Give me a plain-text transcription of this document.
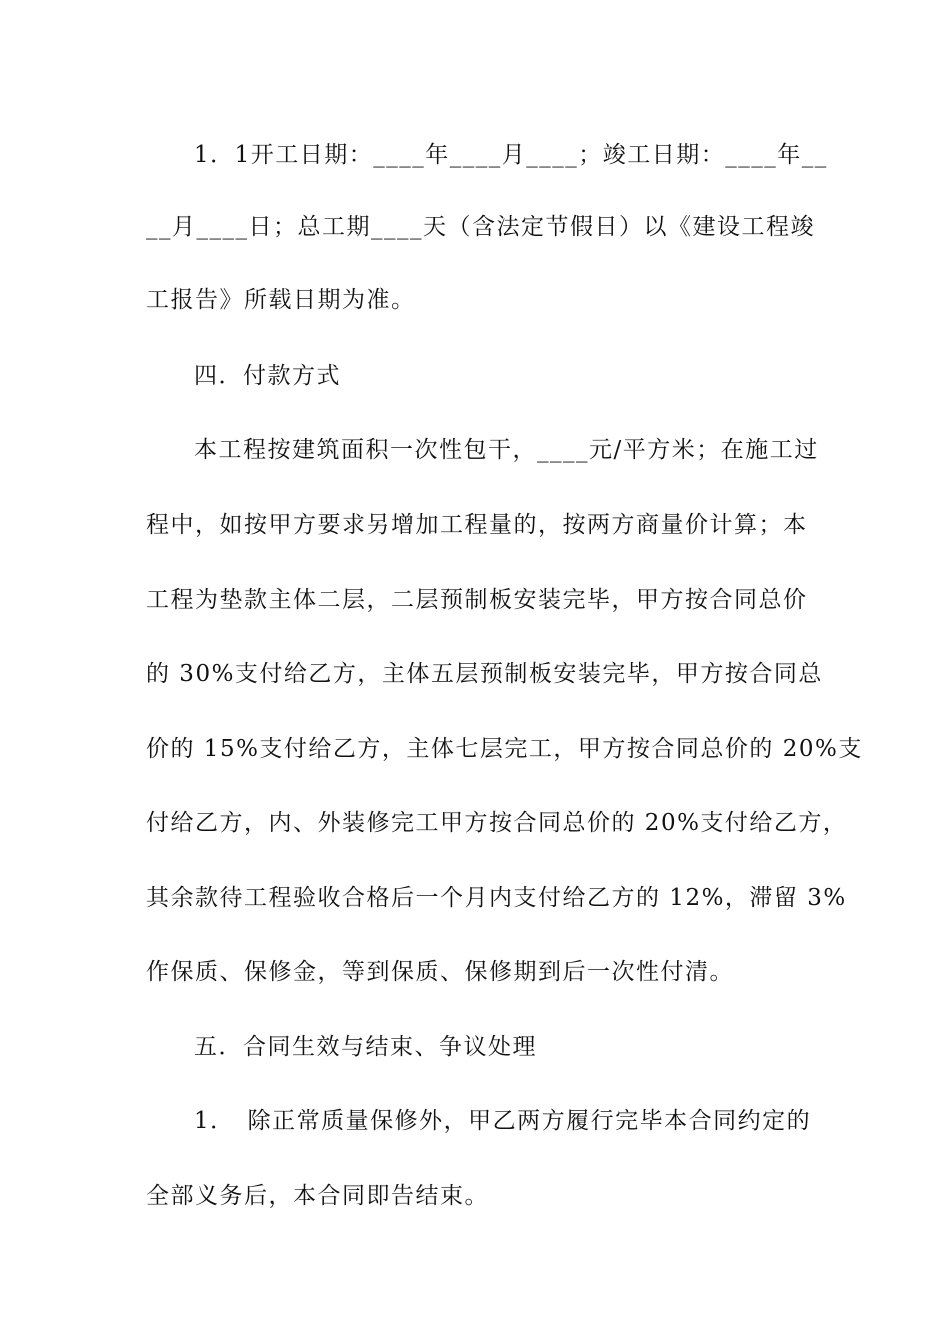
1．1开工日期：____年____月____；竣工日期：____年__
__月____日；总工期____天（含法定节假日）以《建设工程竣
工报告》所载日期为准。
四．付款方式
本工程按建筑面积一次性包干，____元/平方米；在施工过
程中，如按甲方要求另增加工程量的，按两方商量价计算；本
工程为垫款主体二层，二层预制板安装完毕，甲方按合同总价
的 30%支付给乙方，主体五层预制板安装完毕，甲方按合同总
价的 15%支付给乙方，主体七层完工，甲方按合同总价的 20%支
付给乙方，内、外装修完工甲方按合同总价的 20%支付给乙方，
其余款待工程验收合格后一个月内支付给乙方的 12%，滞留 3%
作保质、保修金，等到保质、保修期到后一次性付清。
五．合同生效与结束、争议处理
1．　除正常质量保修外，甲乙两方履行完毕本合同约定的
全部义务后，本合同即告结束。
